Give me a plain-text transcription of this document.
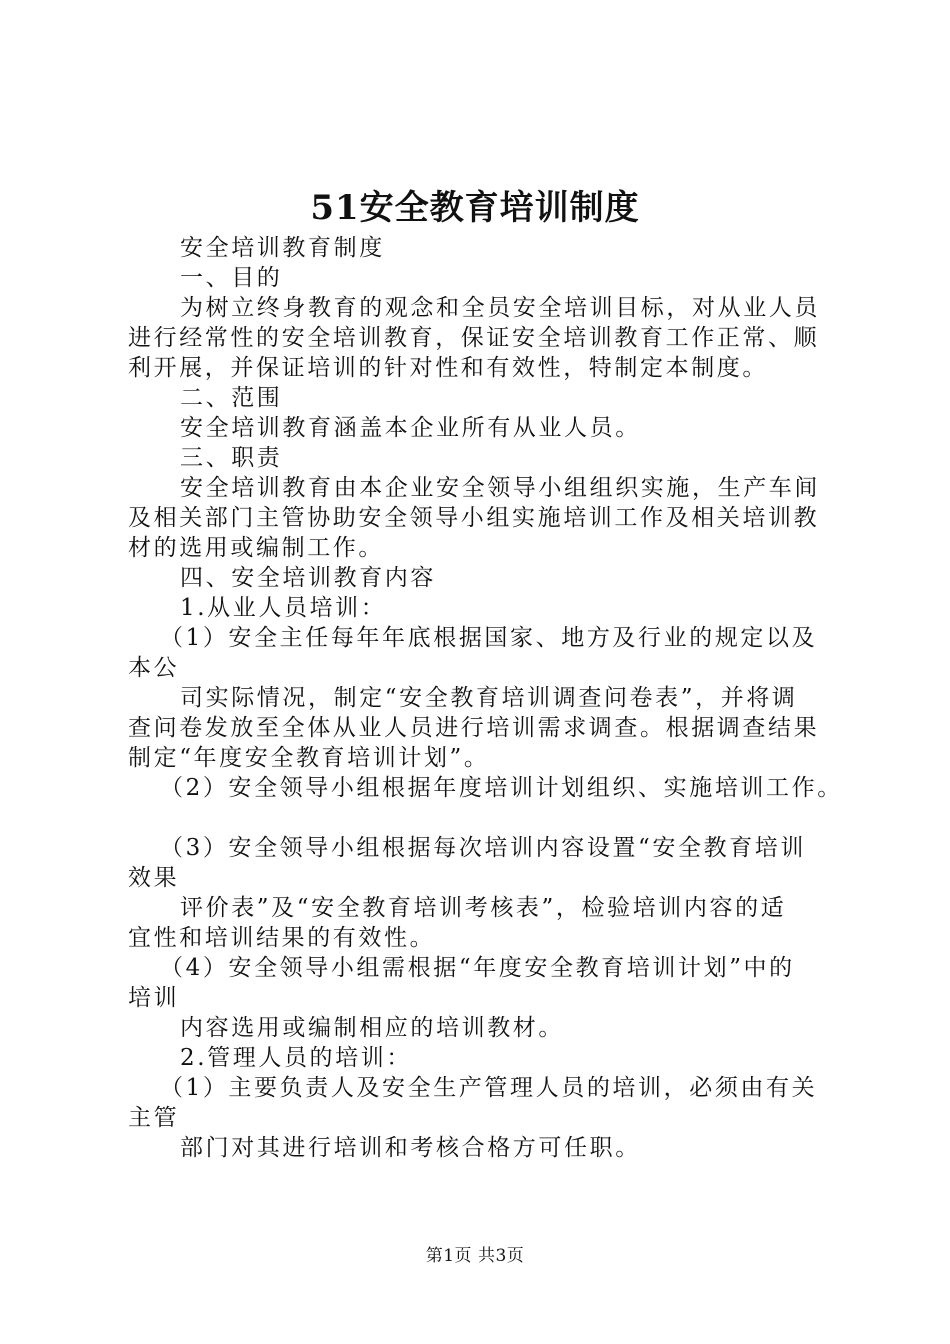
51安全教育培训制度

安全培训教育制度

一、目的

为树立终身教育的观念和全员安全培训目标，对从业人员

进行经常性的安全培训教育，保证安全培训教育工作正常、顺

利开展，并保证培训的针对性和有效性，特制定本制度。

二、范围

安全培训教育涵盖本企业所有从业人员。

三、职责

安全培训教育由本企业安全领导小组组织实施，生产车间

及相关部门主管协助安全领导小组实施培训工作及相关培训教

材的选用或编制工作。

四、安全培训教育内容

1.从业人员培训：

（1）安全主任每年年底根据国家、地方及行业的规定以及

本公

司实际情况，制定“安全教育培训调查问卷表”，并将调

查问卷发放至全体从业人员进行培训需求调查。根据调查结果

制定“年度安全教育培训计划”。

（2）安全领导小组根据年度培训计划组织、实施培训工作。

（3）安全领导小组根据每次培训内容设置“安全教育培训

效果

评价表”及“安全教育培训考核表”，检验培训内容的适

宜性和培训结果的有效性。

（4）安全领导小组需根据“年度安全教育培训计划”中的

培训

内容选用或编制相应的培训教材。

2.管理人员的培训：

（1）主要负责人及安全生产管理人员的培训，必须由有关

主管

部门对其进行培训和考核合格方可任职。

第1页 共3页
